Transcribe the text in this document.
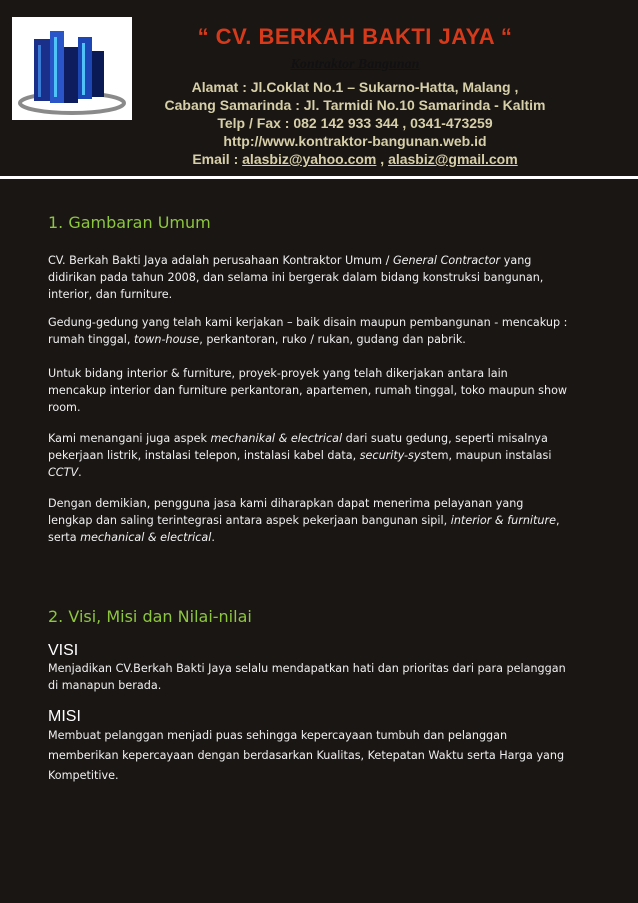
“ CV. BERKAH BAKTI JAYA “

Kontraktor Bangunan
Alamat : Jl.Coklat No.1 – Sukarno-Hatta, Malang ,
Cabang Samarinda : Jl. Tarmidi No.10 Samarinda - Kaltim
Telp / Fax : 082 142 933 344 , 0341-473259
http://www.kontraktor-bangunan.web.id
Email : alasbiz@yahoo.com , alasbiz@gmail.com
1. Gambaran Umum

CV. Berkah Bakti Jaya adalah perusahaan Kontraktor Umum / General Contractor yang didirikan pada tahun 2008, dan selama ini bergerak dalam bidang konstruksi bangunan, interior, dan furniture.

Gedung-gedung yang telah kami kerjakan – baik disain maupun pembangunan - mencakup : rumah tinggal, town-house, perkantoran, ruko / rukan, gudang dan pabrik.

Untuk bidang interior & furniture, proyek-proyek yang telah dikerjakan antara lain mencakup interior dan furniture perkantoran, apartemen, rumah tinggal, toko maupun show room.

Kami menangani juga aspek mechanikal & electrical dari suatu gedung, seperti misalnya pekerjaan listrik, instalasi telepon, instalasi kabel data, security-system, maupun instalasi CCTV.

Dengan demikian, pengguna jasa kami diharapkan dapat menerima pelayanan yang lengkap dan saling terintegrasi antara aspek pekerjaan bangunan sipil, interior & furniture, serta mechanical & electrical.

2. Visi, Misi dan Nilai-nilai

VISI

Menjadikan CV.Berkah Bakti Jaya selalu mendapatkan hati dan prioritas dari para pelanggan di manapun berada.

MISI

Membuat pelanggan menjadi puas sehingga kepercayaan tumbuh dan pelanggan memberikan kepercayaan dengan berdasarkan Kualitas, Ketepatan Waktu serta Harga yang Kompetitive.
